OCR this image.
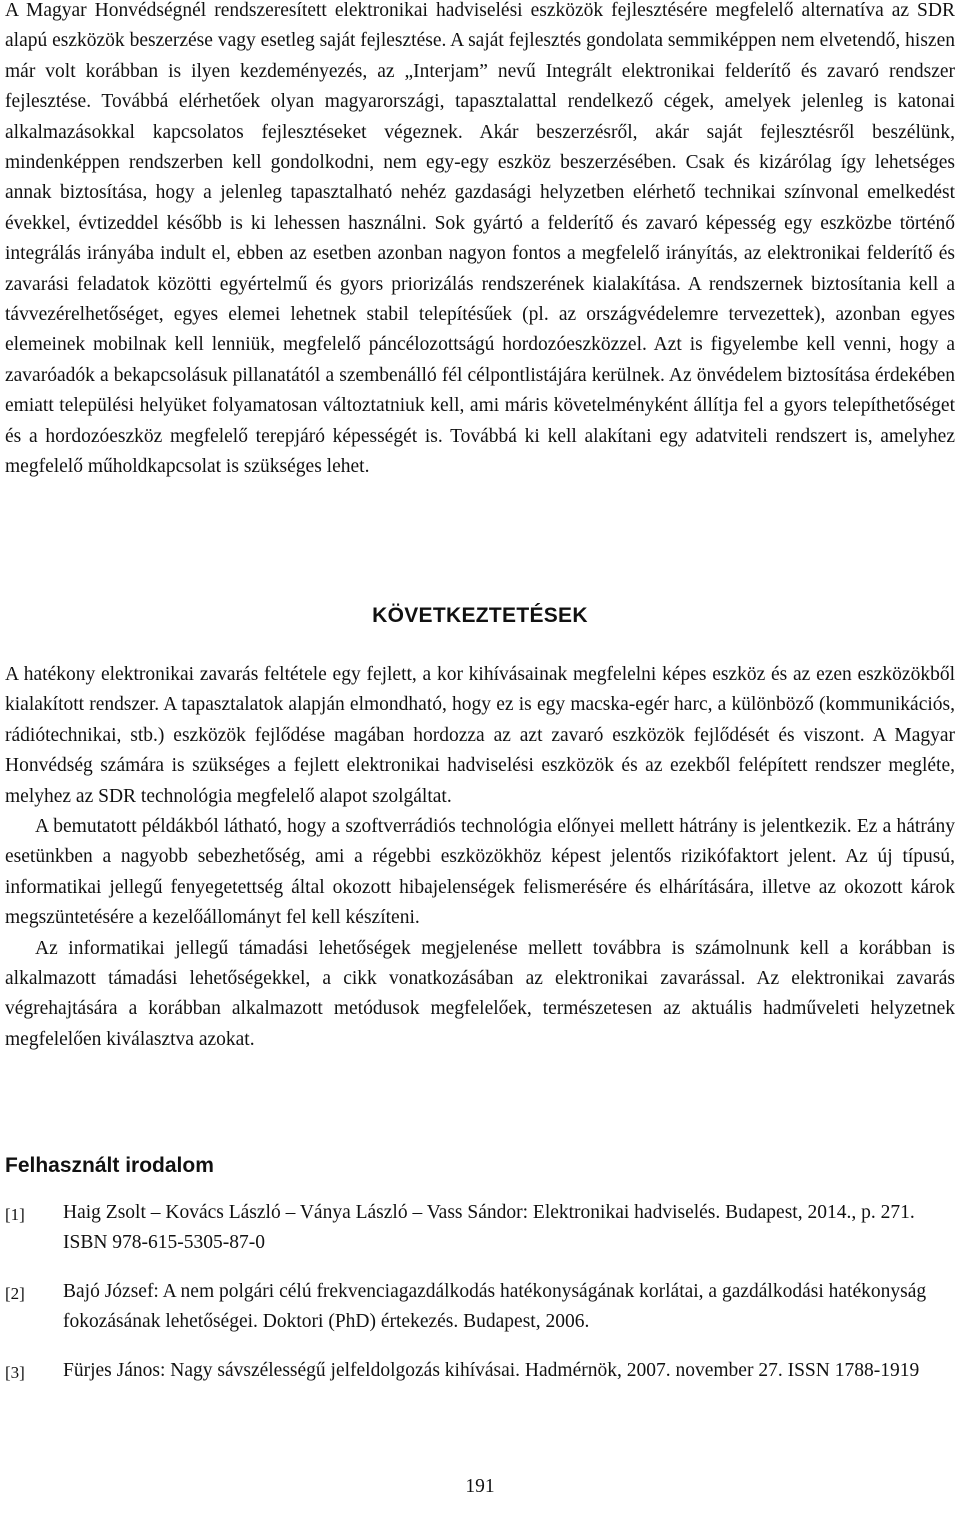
A Magyar Honvédségnél rendszeresített elektronikai hadviselési eszközök fejlesztésére megfelelő alternatíva az SDR alapú eszközök beszerzése vagy esetleg saját fejlesztése. A saját fejlesztés gondolata semmiképpen nem elvetendő, hiszen már volt korábban is ilyen kezdeményezés, az „Interjam” nevű Integrált elektronikai felderítő és zavaró rendszer fejlesztése. Továbbá elérhetőek olyan magyarországi, tapasztalattal rendelkező cégek, amelyek jelenleg is katonai alkalmazásokkal kapcsolatos fejlesztéseket végeznek. Akár beszerzésről, akár saját fejlesztésről beszélünk, mindenképpen rendszerben kell gondolkodni, nem egy-egy eszköz beszerzésében. Csak és kizárólag így lehetséges annak biztosítása, hogy a jelenleg tapasztalható nehéz gazdasági helyzetben elérhető technikai színvonal emelkedést évekkel, évtizeddel később is ki lehessen használni. Sok gyártó a felderítő és zavaró képesség egy eszközbe történő integrálás irányába indult el, ebben az esetben azonban nagyon fontos a megfelelő irányítás, az elektronikai felderítő és zavarási feladatok közötti egyértelmű és gyors priorizálás rendszerének kialakítása. A rendszernek biztosítania kell a távvezérelhetőséget, egyes elemei lehetnek stabil telepítésűek (pl. az országvédelemre tervezettek), azonban egyes elemeinek mobilnak kell lenniük, megfelelő páncélozottságú hordozóeszközzel. Azt is figyelembe kell venni, hogy a zavaróadók a bekapcsolásuk pillanatától a szembenálló fél célpontlistájára kerülnek. Az önvédelem biztosítása érdekében emiatt települési helyüket folyamatosan változtatniuk kell, ami máris követelményként állítja fel a gyors telepíthetőséget és a hordozóeszköz megfelelő terepjáró képességét is. Továbbá ki kell alakítani egy adatviteli rendszert is, amelyhez megfelelő műholdkapcsolat is szükséges lehet.

KÖVETKEZTETÉSEK

A hatékony elektronikai zavarás feltétele egy fejlett, a kor kihívásainak megfelelni képes eszköz és az ezen eszközökből kialakított rendszer. A tapasztalatok alapján elmondható, hogy ez is egy macska-egér harc, a különböző (kommunikációs, rádiótechnikai, stb.) eszközök fejlődése magában hordozza az azt zavaró eszközök fejlődését és viszont. A Magyar Honvédség számára is szükséges a fejlett elektronikai hadviselési eszközök és az ezekből felépített rendszer megléte, melyhez az SDR technológia megfelelő alapot szolgáltat.

A bemutatott példákból látható, hogy a szoftverrádiós technológia előnyei mellett hátrány is jelentkezik. Ez a hátrány esetünkben a nagyobb sebezhetőség, ami a régebbi eszközökhöz képest jelentős rizikófaktort jelent. Az új típusú, informatikai jellegű fenyegetettség által okozott hibajelenségek felismerésére és elhárítására, illetve az okozott károk megszüntetésére a kezelőállományt fel kell készíteni.

Az informatikai jellegű támadási lehetőségek megjelenése mellett továbbra is számolnunk kell a korábban is alkalmazott támadási lehetőségekkel, a cikk vonatkozásában az elektronikai zavarással. Az elektronikai zavarás végrehajtására a korábban alkalmazott metódusok megfelelőek, természetesen az aktuális hadműveleti helyzetnek megfelelően kiválasztva azokat.

Felhasznált irodalom
[1]	Haig Zsolt – Kovács László – Ványa László – Vass Sándor: Elektronikai hadviselés. Budapest, 2014., p. 271. ISBN 978-615-5305-87-0
[2]	Bajó József: A nem polgári célú frekvenciagazdálkodás hatékonyságának korlátai, a gazdálkodási hatékonyság fokozásának lehetőségei. Doktori (PhD) értekezés. Budapest, 2006.
[3]	Fürjes János: Nagy sávszélességű jelfeldolgozás kihívásai. Hadmérnök, 2007. november 27. ISSN 1788-1919
191
